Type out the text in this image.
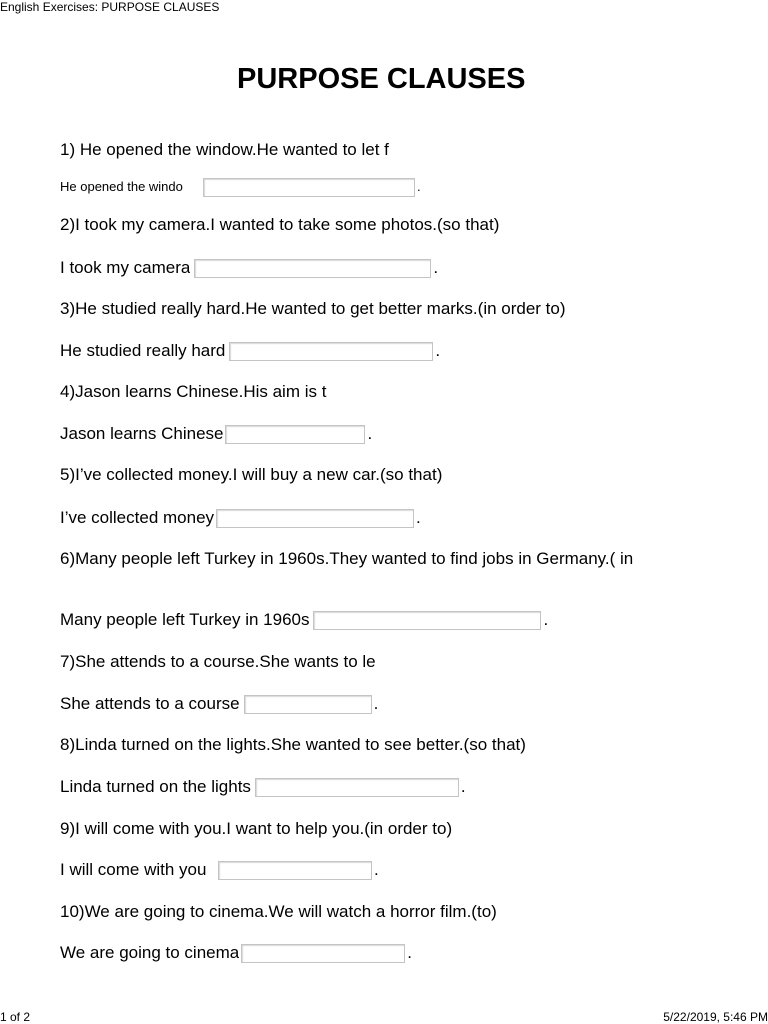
English Exercises: PURPOSE CLAUSES
PURPOSE CLAUSES
1) He opened the window.He wanted to let f
He opened the windo	.
2)I took my camera.I wanted to take some photos.(so that)
I took my camera	.
3)He studied really hard.He wanted to get better marks.(in order to)
He studied really hard	.
4)Jason learns Chinese.His aim is t
Jason learns Chinese	.
5)I’ve collected money.I will buy a new car.(so that)
I’ve collected money	.
6)Many people left Turkey in 1960s.They wanted to find jobs in Germany.( in
Many people left Turkey in 1960s	.
7)She attends to a course.She wants to le
She attends to a course	.
8)Linda turned on the lights.She wanted to see better.(so that)
Linda turned on the lights	.
9)I will come with you.I want to help you.(in order to)
I will come with you	.
10)We are going to cinema.We will watch a horror film.(to)
We are going to cinema	.
1 of 2	5/22/2019, 5:46 PM
